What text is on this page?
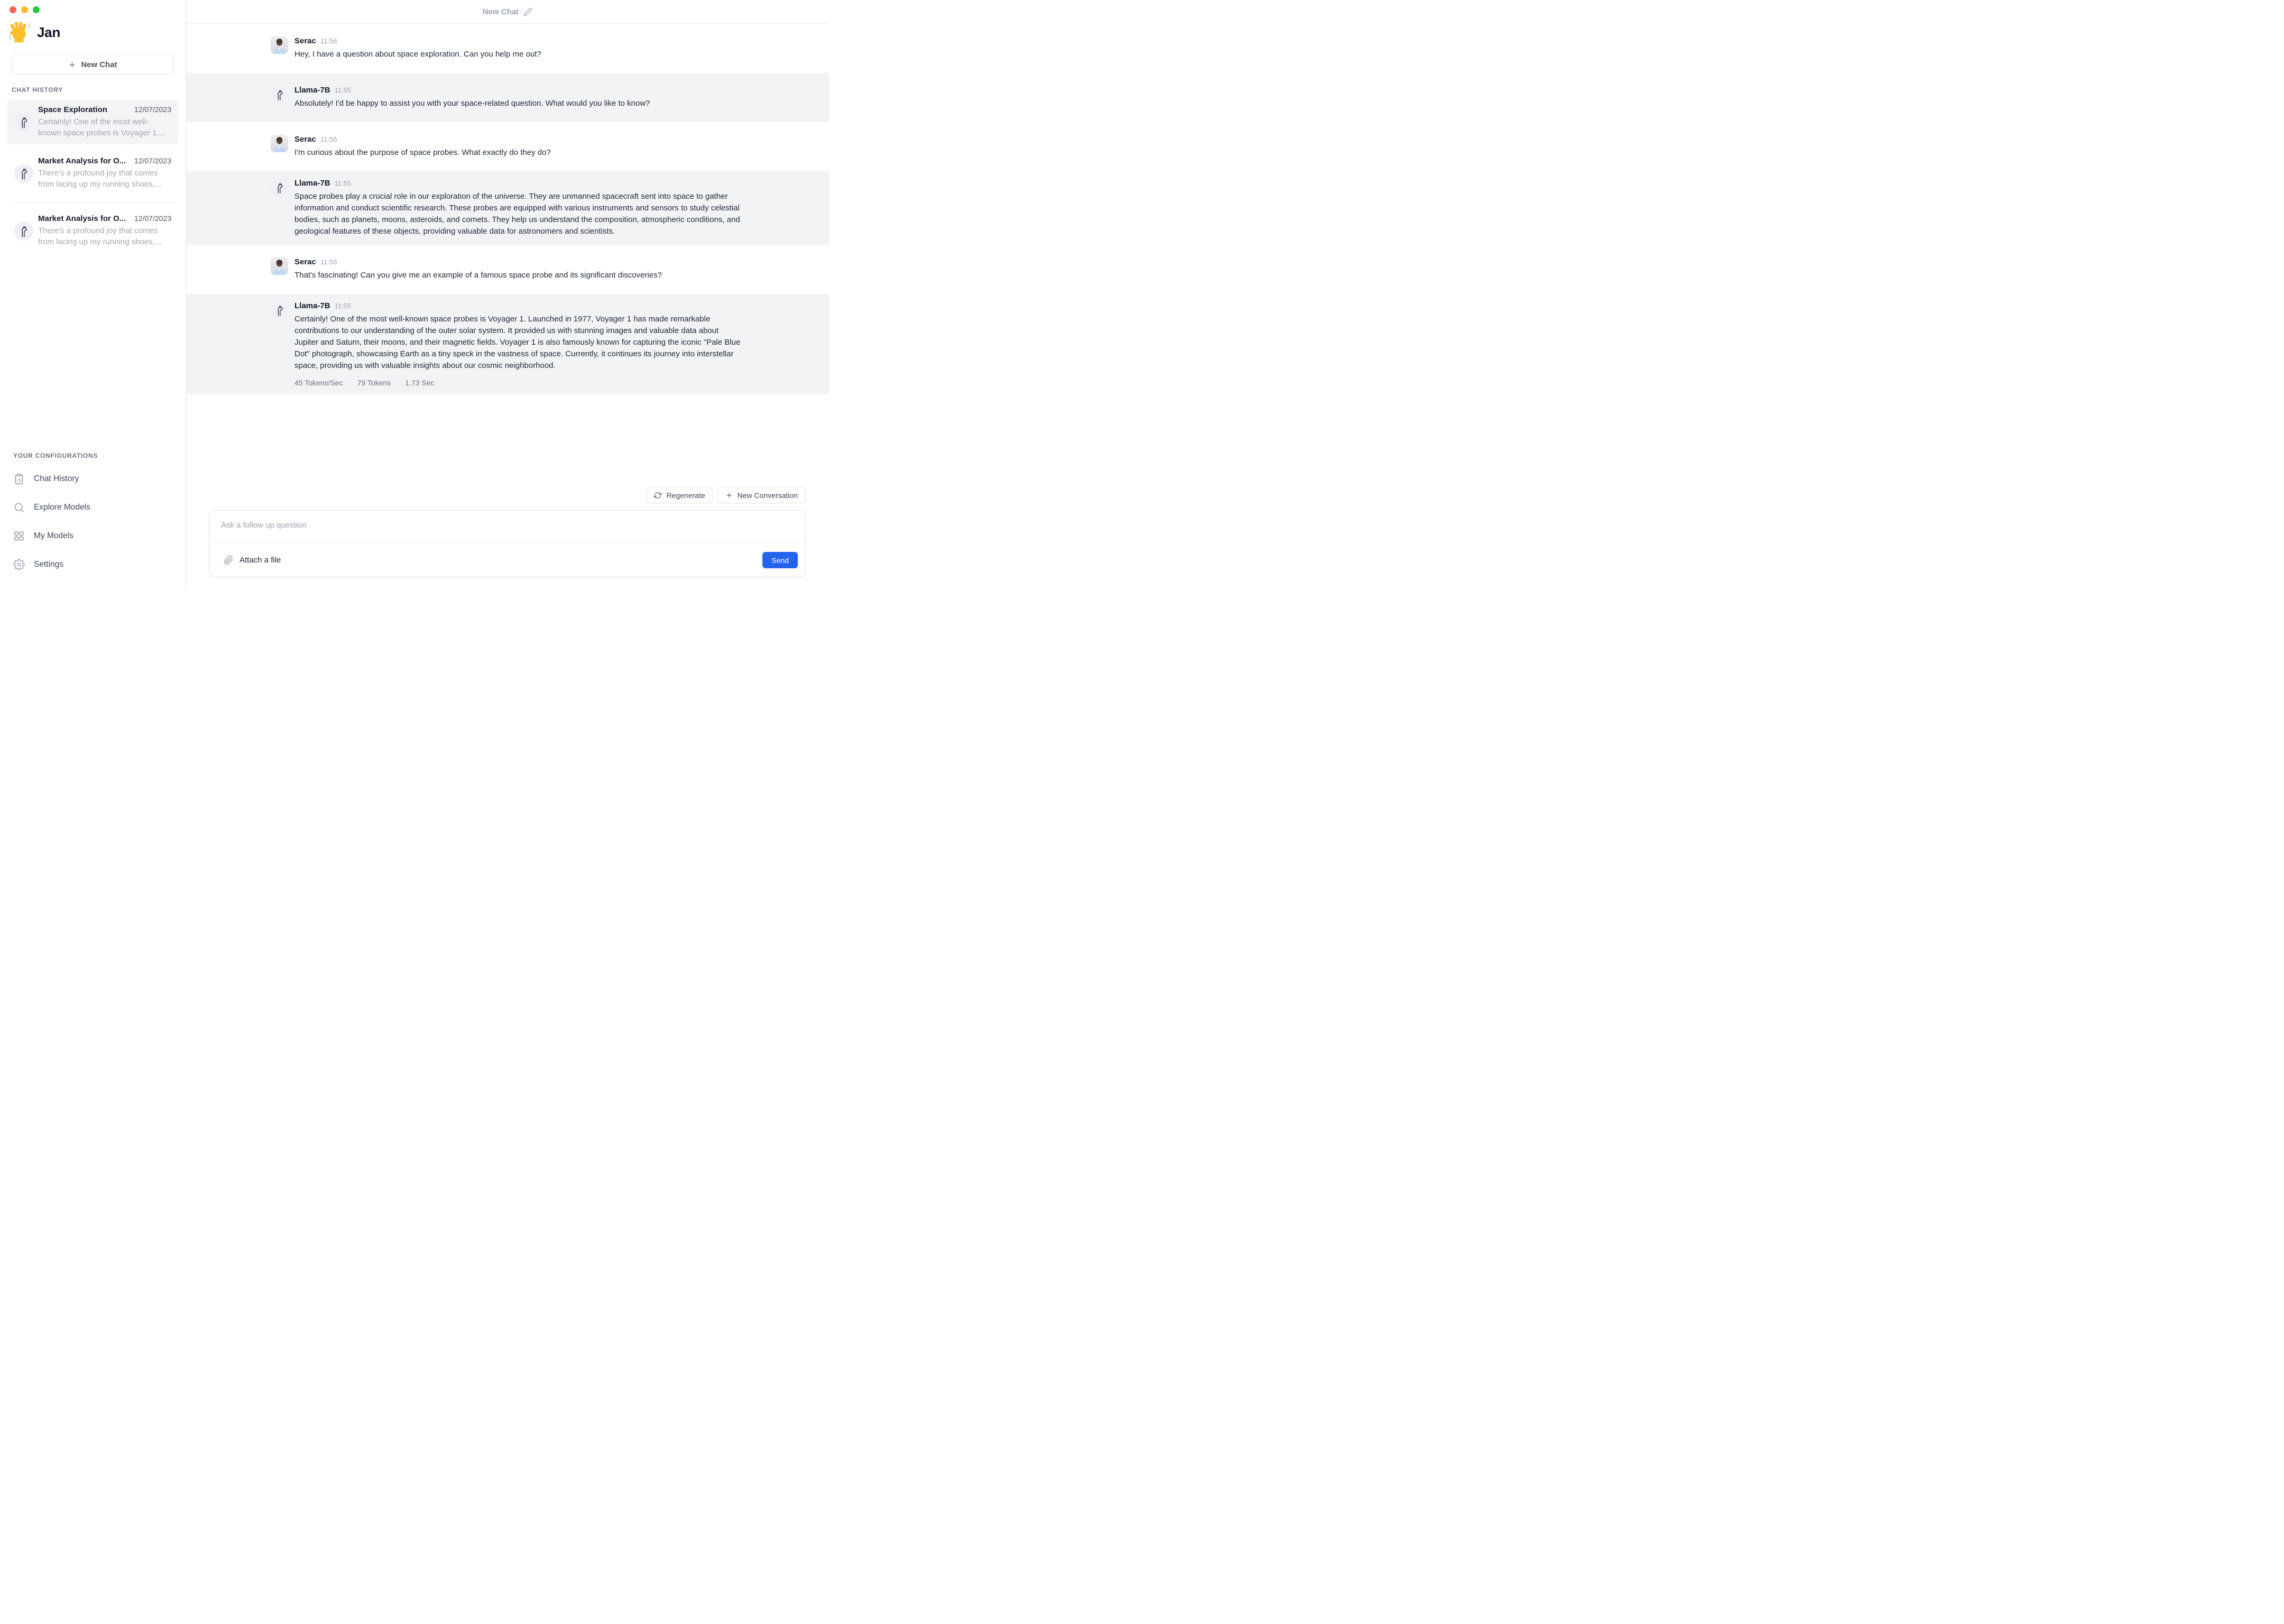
Jan
New Chat
CHAT HISTORY
Space Exploration	12/07/2023
Certainly! One of the most well-known space probes is Voyager 1....
Market Analysis for O...	12/07/2023
There's a profound joy that comes from lacing up my running shoes,...
Market Analysis for O...	12/07/2023
There's a profound joy that comes from lacing up my running shoes,...
YOUR CONFIGURATIONS
Chat History
Explore Models
My Models
Settings
New Chat
Serac 11:56
Hey, I have a question about space exploration. Can you help me out?
Llama-7B 11:55
Absolutely! I'd be happy to assist you with your space-related question. What would you like to know?
Serac 11:56
I'm curious about the purpose of space probes. What exactly do they do?
Llama-7B 11:55
Space probes play a crucial role in our exploration of the universe. They are unmanned spacecraft sent into space to gather information and conduct scientific research. These probes are equipped with various instruments and sensors to study celestial bodies, such as planets, moons, asteroids, and comets. They help us understand the composition, atmospheric conditions, and geological features of these objects, providing valuable data for astronomers and scientists.
Serac 11:56
That's fascinating! Can you give me an example of a famous space probe and its significant discoveries?
Llama-7B 11:55
Certainly! One of the most well-known space probes is Voyager 1. Launched in 1977, Voyager 1 has made remarkable contributions to our understanding of the outer solar system. It provided us with stunning images and valuable data about Jupiter and Saturn, their moons, and their magnetic fields. Voyager 1 is also famously known for capturing the iconic "Pale Blue Dot" photograph, showcasing Earth as a tiny speck in the vastness of space. Currently, it continues its journey into interstellar space, providing us with valuable insights about our cosmic neighborhood.
45 Tokens/Sec 79 Tokens 1.73 Sec
Regenerate	New Conversation
Ask a follow up question
Attach a file	Send
